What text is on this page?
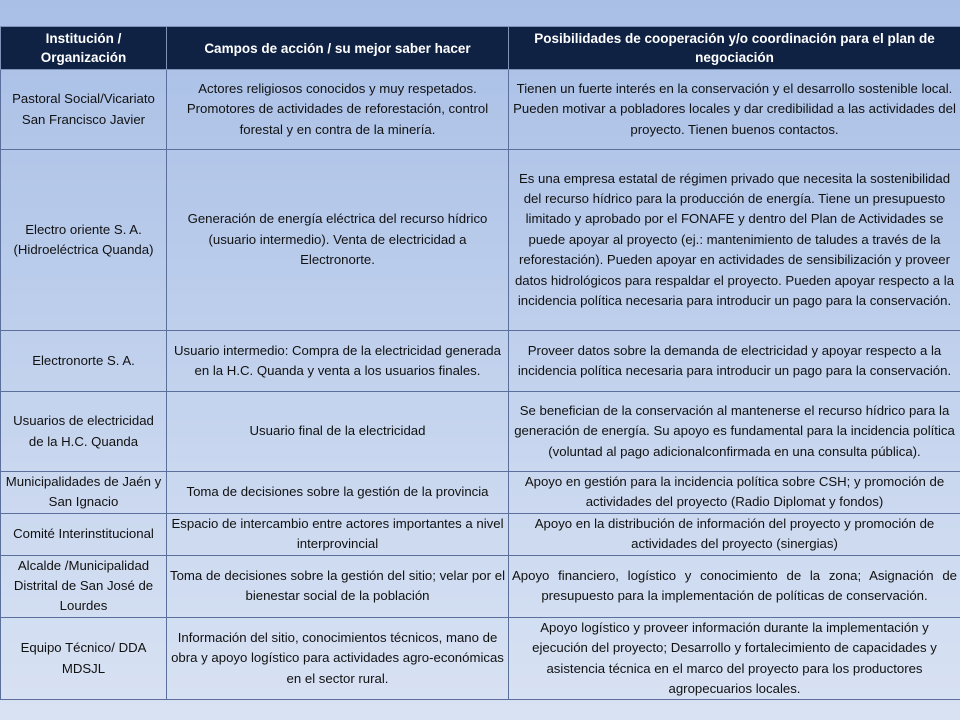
Institución / Organización	Campos de acción / su mejor saber hacer	Posibilidades de cooperación y/o coordinación para el plan de negociación
Pastoral Social/Vicariato San Francisco Javier	Actores religiosos conocidos y muy respetados. Promotores de actividades de reforestación, control forestal y en contra de la minería.	Tienen un fuerte interés en la conservación y el desarrollo sostenible local. Pueden motivar a pobladores locales y dar credibilidad a las actividades del proyecto. Tienen buenos contactos.
Electro oriente S. A. (Hidroeléctrica Quanda)	Generación de energía eléctrica del recurso hídrico (usuario intermedio). Venta de electricidad a Electronorte.	Es una empresa estatal de régimen privado que necesita la sostenibilidad del recurso hídrico para la producción de energía. Tiene un presupuesto limitado y aprobado por el FONAFE y dentro del Plan de Actividades se puede apoyar al proyecto (ej.: mantenimiento de taludes a través de la reforestación). Pueden apoyar en actividades de sensibilización y proveer datos hidrológicos para respaldar el proyecto. Pueden apoyar respecto a la incidencia política necesaria para introducir un pago para la conservación.
Electronorte S. A.	Usuario intermedio: Compra de la electricidad generada en la H.C. Quanda y venta a los usuarios finales.	Proveer datos sobre la demanda de electricidad y apoyar respecto a la incidencia política necesaria para introducir un pago para la conservación.
Usuarios de electricidad de la H.C. Quanda	Usuario final de la electricidad	Se benefician de la conservación al mantenerse el recurso hídrico para la generación de energía. Su apoyo es fundamental para la incidencia política (voluntad al pago adicionalconfirmada en una consulta pública).
Municipalidades de Jaén y San Ignacio	Toma de decisiones sobre la gestión de la provincia	Apoyo en gestión para la incidencia política sobre CSH; y promoción de actividades del proyecto (Radio Diplomat y fondos)
Comité Interinstitucional	Espacio de intercambio entre actores importantes a nivel interprovincial	Apoyo en la distribución de información del proyecto y promoción de actividades del proyecto (sinergias)
Alcalde /Municipalidad Distrital de San José de Lourdes	Toma de decisiones sobre la gestión del sitio; velar por el bienestar social de la población	Apoyo financiero, logístico y conocimiento de la zona; Asignación de presupuesto para la implementación de políticas de conservación.
Equipo Técnico/ DDA MDSJL	Información del sitio, conocimientos técnicos, mano de obra y apoyo logístico para actividades agro-económicas en el sector rural.	Apoyo logístico y proveer información durante la implementación y ejecución del proyecto; Desarrollo y fortalecimiento de capacidades y asistencia técnica en el marco del proyecto para los productores agropecuarios locales.
